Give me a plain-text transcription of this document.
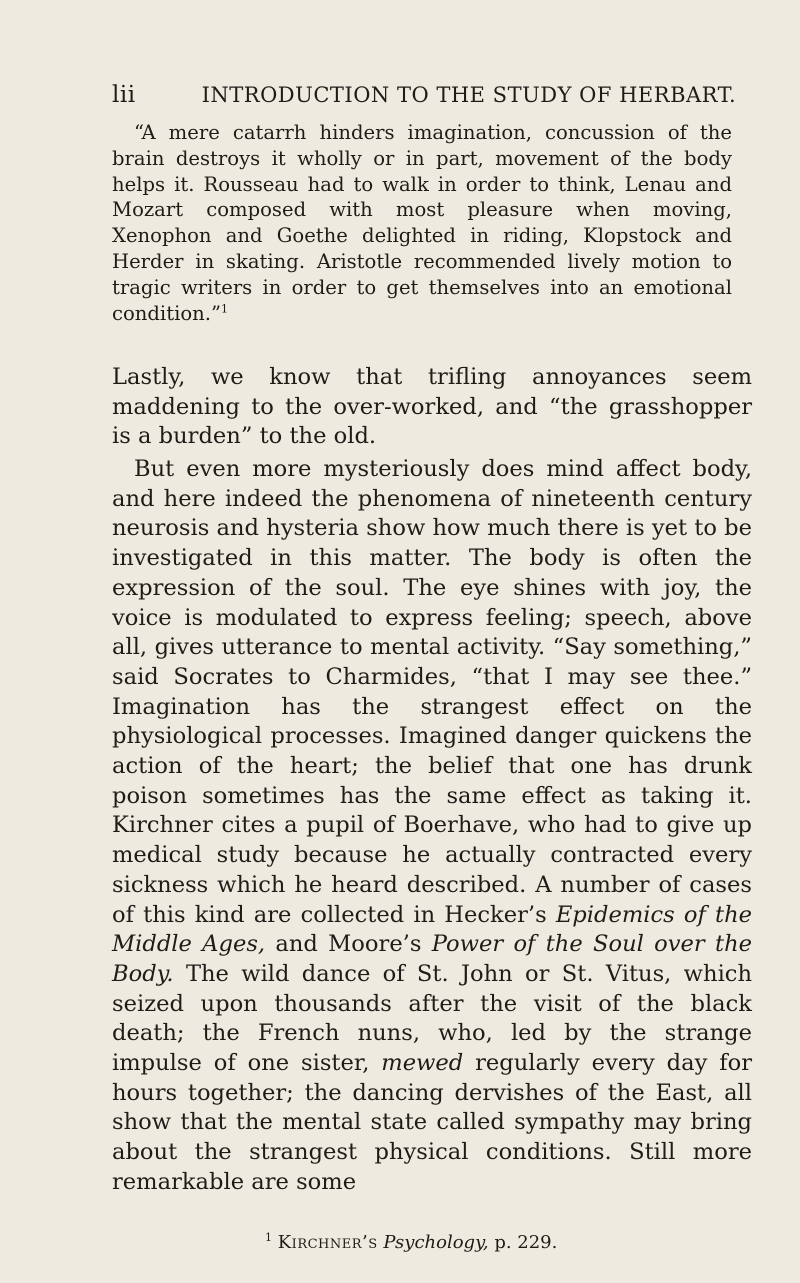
lii	INTRODUCTION TO THE STUDY OF HERBART.

“A mere catarrh hinders imagination, concussion of the brain destroys it wholly or in part, movement of the body helps it. Rousseau had to walk in order to think, Lenau and Mozart composed with most pleasure when moving, Xenophon and Goethe delighted in riding, Klopstock and Herder in skating. Aristotle recommended lively motion to tragic writers in order to get themselves into an emotional condition.”$^1$

Lastly, we know that trifling annoyances seem maddening to the over-worked, and “the grasshopper is a burden” to the old.

But even more mysteriously does mind affect body, and here indeed the phenomena of nineteenth century neurosis and hysteria show how much there is yet to be investigated in this matter. The body is often the expression of the soul. The eye shines with joy, the voice is modulated to express feeling; speech, above all, gives utterance to mental activity. “Say something,” said Socrates to Charmides, “that I may see thee.” Imagination has the strangest effect on the physiological processes. Imagined danger quickens the action of the heart; the belief that one has drunk poison sometimes has the same effect as taking it. Kirchner cites a pupil of Boerhave, who had to give up medical study because he actually contracted every sickness which he heard described. A number of cases of this kind are collected in Hecker’s Epidemics of the Middle Ages, and Moore’s Power of the Soul over the Body. The wild dance of St. John or St. Vitus, which seized upon thousands after the visit of the black death; the French nuns, who, led by the strange impulse of one sister, mewed regularly every day for hours together; the dancing dervishes of the East, all show that the mental state called sympathy may bring about the strangest physical conditions. Still more remarkable are some

$^1$ Kirchner’s Psychology, p. 229.
